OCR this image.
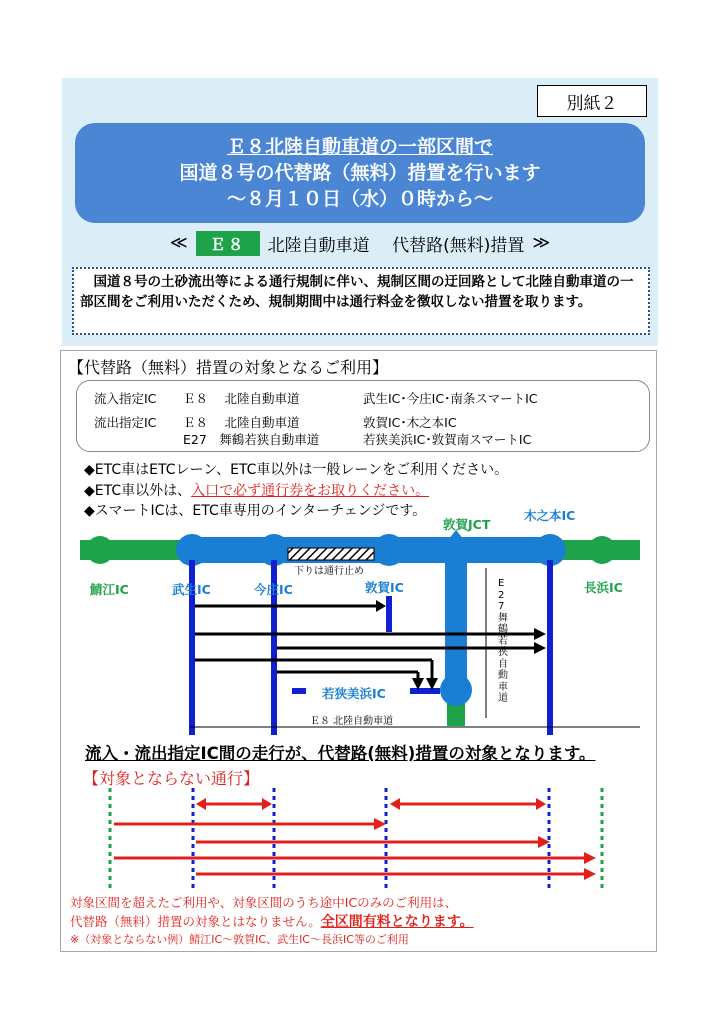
別紙２
Ｅ８北陸自動車道の一部区間で
国道８号の代替路（無料）措置を行います
～８月１０日（水）０時から～
≪	Ｅ８	北陸自動車道　 代替路(無料)措置 ≫
　国道８号の土砂流出等による通行規制に伴い、規制区間の迂回路として北陸自動車道の一部区間をご利用いただくため、規制期間中は通行料金を徴収しない措置を取ります。
【代替路（無料）措置の対象となるご利用】
流入指定IC Ｅ８　 北陸自動車道	武生IC･今庄IC･南条スマートIC
流出指定IC Ｅ８　 北陸自動車道	敦賀IC･木之本IC
E27　舞鶴若狭自動車道	若狭美浜IC･敦賀南スマートIC
◆ETC車はETCレーン、ETC車以外は一般レーンをご利用ください。
◆ETC車以外は、入口で必ず通行券をお取りください。
◆スマートICは、ETC車専用のインターチェンジです。
鯖江IC	武生IC	今庄IC	敦賀IC
敦賀JCT
木之本IC
長浜IC
若狭美浜IC
下りは通行止め
Ｅ８ 北陸自動車道
E27舞鶴若狭自動車道
流入・流出指定IC間の走行が、代替路(無料)措置の対象となります。
【対象とならない通行】
対象区間を超えたご利用や、対象区間のうち途中ICのみのご利用は、
代替路（無料）措置の対象とはなりません。全区間有料となります。
※（対象とならない例）鯖江IC～敦賀IC、武生IC～長浜IC等のご利用
